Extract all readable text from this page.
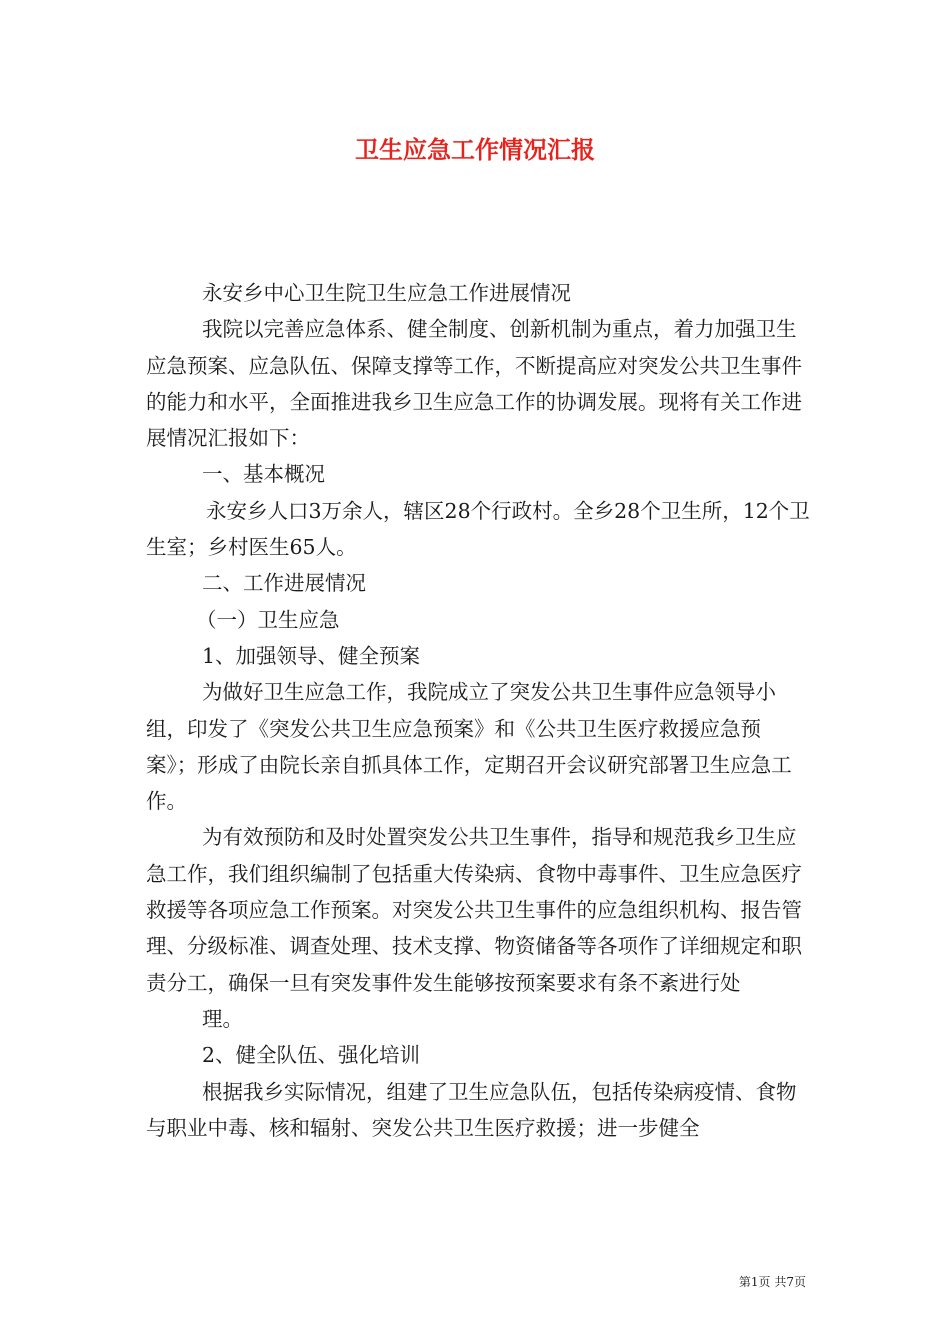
卫生应急工作情况汇报

永安乡中心卫生院卫生应急工作进展情况

我院以完善应急体系、健全制度、创新机制为重点，着力加强卫生应急预案、应急队伍、保障支撑等工作，不断提高应对突发公共卫生事件的能力和水平，全面推进我乡卫生应急工作的协调发展。现将有关工作进展情况汇报如下：

一、基本概况

永安乡人口3万余人，辖区28个行政村。全乡28个卫生所，12个卫生室；乡村医生65人。

二、工作进展情况

（一）卫生应急

1、加强领导、健全预案

为做好卫生应急工作，我院成立了突发公共卫生事件应急领导小组，印发了《突发公共卫生应急预案》和《公共卫生医疗救援应急预案》；形成了由院长亲自抓具体工作，定期召开会议研究部署卫生应急工作。

为有效预防和及时处置突发公共卫生事件，指导和规范我乡卫生应急工作，我们组织编制了包括重大传染病、食物中毒事件、卫生应急医疗救援等各项应急工作预案。对突发公共卫生事件的应急组织机构、报告管理、分级标准、调查处理、技术支撑、物资储备等各项作了详细规定和职责分工，确保一旦有突发事件发生能够按预案要求有条不紊进行处

理。

2、健全队伍、强化培训

根据我乡实际情况，组建了卫生应急队伍，包括传染病疫情、食物与职业中毒、核和辐射、突发公共卫生医疗救援；进一步健全

第1页 共7页
